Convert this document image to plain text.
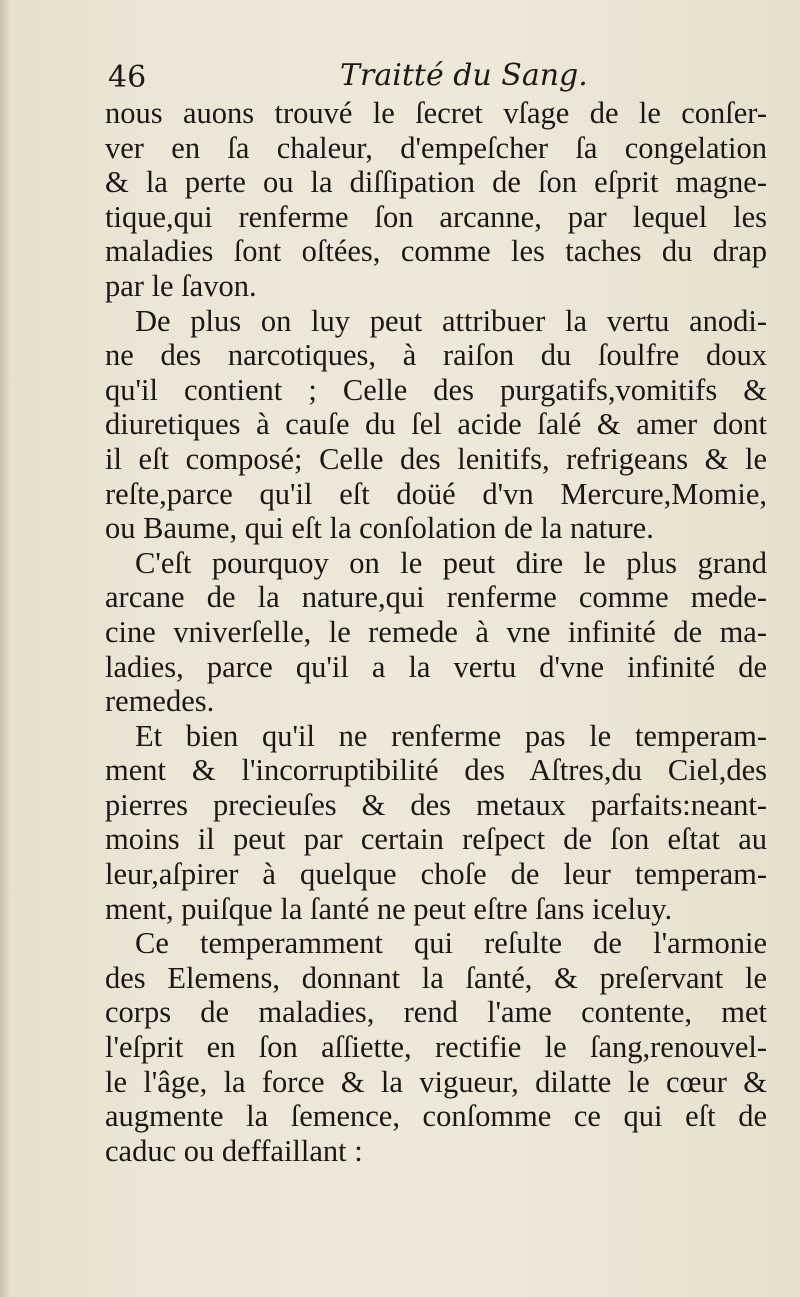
46	Traitté du Sang.
nous auons trouvé le ſecret vſage de le conſer-
ver en ſa chaleur, d'empeſcher ſa congelation
& la perte ou la diſſipation de ſon eſprit magne-
tique,qui renferme ſon arcanne, par lequel les
maladies ſont oſtées, comme les taches du drap
par le ſavon.
De plus on luy peut attribuer la vertu anodi-
ne des narcotiques, à raiſon du ſoulfre doux
qu'il contient ; Celle des purgatifs,vomitifs &
diuretiques à cauſe du ſel acide ſalé & amer dont
il eſt composé; Celle des lenitifs, refrigeans & le
reſte,parce qu'il eſt doüé d'vn Mercure,Momie,
ou Baume, qui eſt la conſolation de la nature.
C'eſt pourquoy on le peut dire le plus grand
arcane de la nature,qui renferme comme mede-
cine vniverſelle, le remede à vne infinité de ma-
ladies, parce qu'il a la vertu d'vne infinité de
remedes.
Et bien qu'il ne renferme pas le temperam-
ment & l'incorruptibilité des Aſtres,du Ciel,des
pierres precieuſes & des metaux parfaits:neant-
moins il peut par certain reſpect de ſon eſtat au
leur,aſpirer à quelque choſe de leur temperam-
ment, puiſque la ſanté ne peut eſtre ſans iceluy.
Ce temperamment qui reſulte de l'armonie
des Elemens, donnant la ſanté, & preſervant le
corps de maladies, rend l'ame contente, met
l'eſprit en ſon aſſiette, rectifie le ſang,renouvel-
le l'âge, la force & la vigueur, dilatte le cœur &
augmente la ſemence, conſomme ce qui eſt de
caduc ou deffaillant :
